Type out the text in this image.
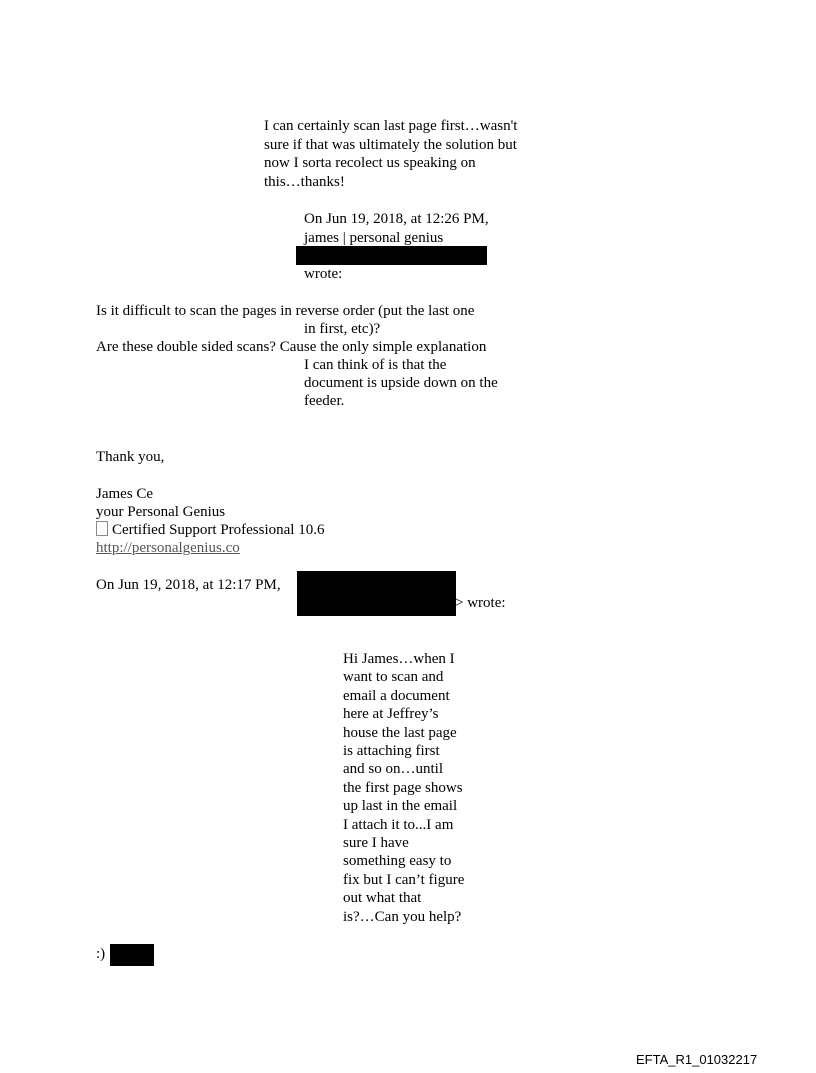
I can certainly scan last page first…wasn't
sure if that was ultimately the solution but
now I sorta recolect us speaking on
this…thanks!
On Jun 19, 2018, at 12:26 PM,
james | personal genius
wrote:
Is it difficult to scan the pages in reverse order (put the last one
in first, etc)?
Are these double sided scans? Cause the only simple explanation
I can think of is that the
document is upside down on the
feeder.
Thank you,
James Ce
your Personal Genius
Certified Support Professional 10.6
http://personalgenius.co
On Jun 19, 2018, at 12:17 PM,
> wrote:
Hi James…when I
want to scan and
email a document
here at Jeffrey’s
house the last page
is attaching first
and so on…until
the first page shows
up last in the email
I attach it to...I am
sure I have
something easy to
fix but I can’t figure
out what that
is?…Can you help?
:)
EFTA_R1_01032217
